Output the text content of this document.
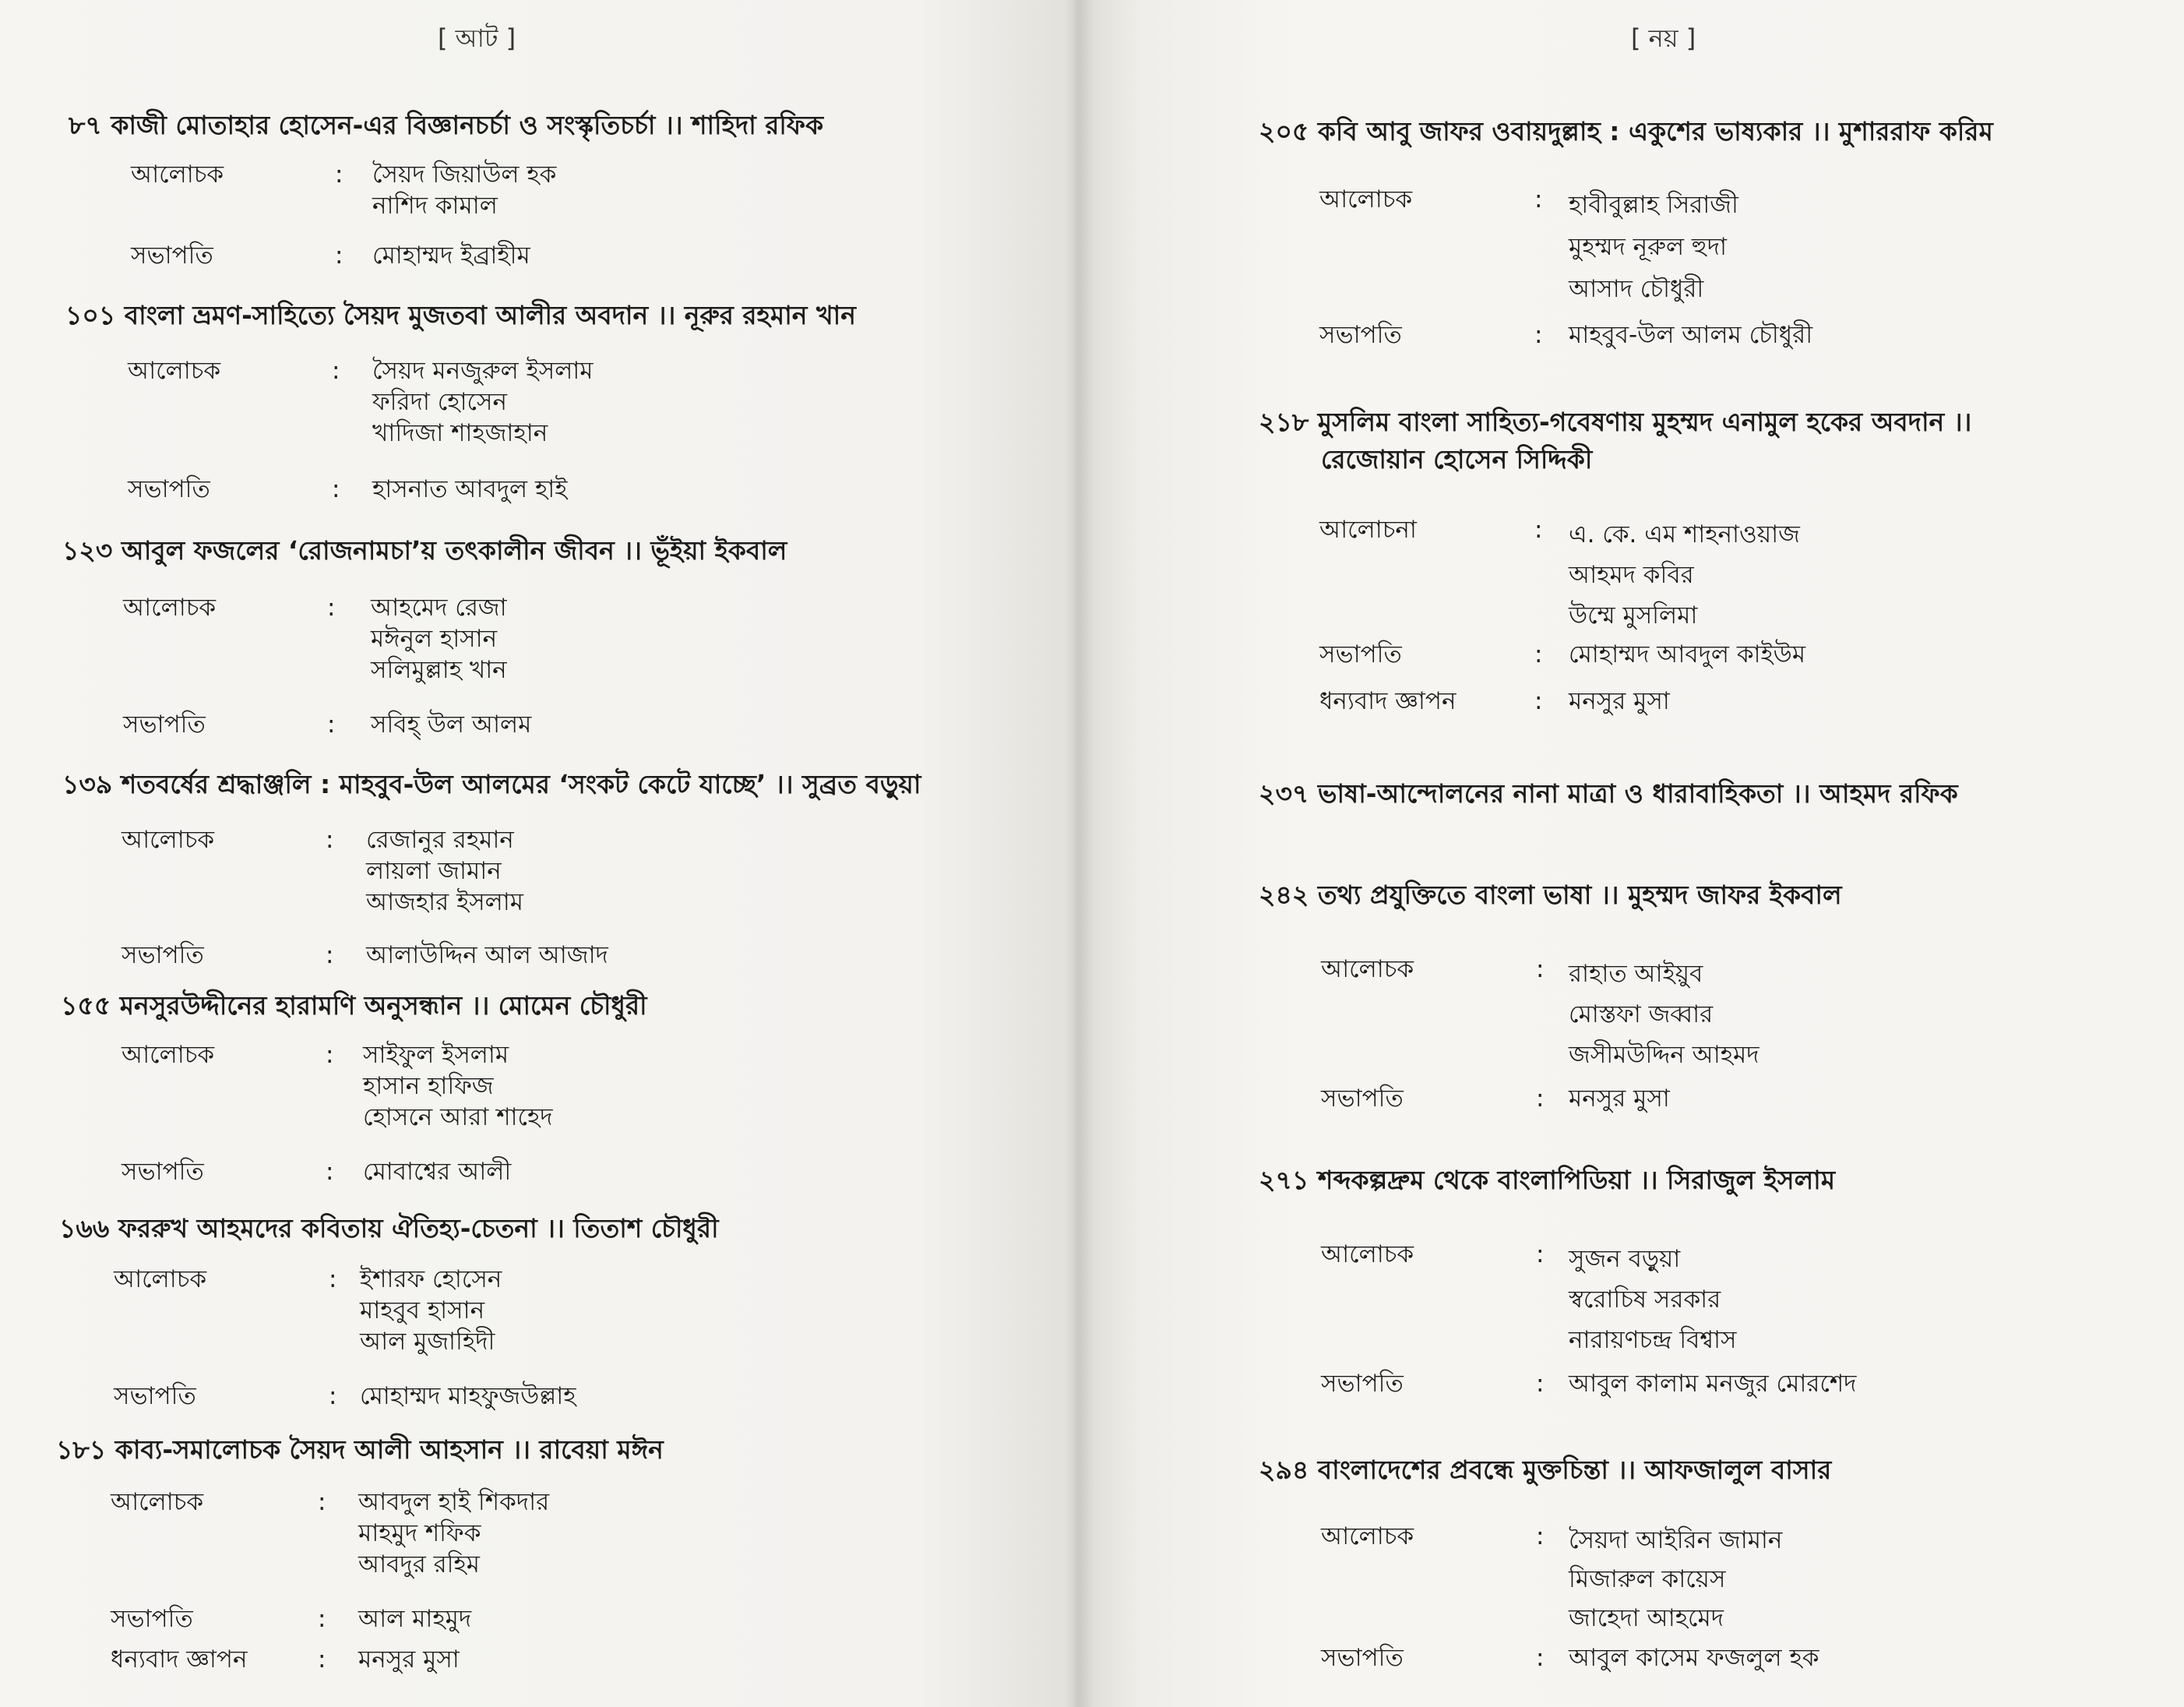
[ আট ]
৮৭ কাজী মোতাহার হোসেন-এর বিজ্ঞানচর্চা ও সংস্কৃতিচর্চা ।। শাহিদা রফিক
আলোচক	: সৈয়দ জিয়াউল হক
নাশিদ কামাল
সভাপতি	: মোহাম্মদ ইব্রাহীম
১০১ বাংলা ভ্রমণ-সাহিত্যে সৈয়দ মুজতবা আলীর অবদান ।। নূরুর রহমান খান
আলোচক	: সৈয়দ মনজুরুল ইসলাম
ফরিদা হোসেন
খাদিজা শাহজাহান
সভাপতি	: হাসনাত আবদুল হাই
১২৩ আবুল ফজলের ‘রোজনামচা’য় তৎকালীন জীবন ।। ভূঁইয়া ইকবাল
আলোচক	: আহমেদ রেজা
মঈনুল হাসান
সলিমুল্লাহ খান
সভাপতি	: সবিহ্ উল আলম
১৩৯ শতবর্ষের শ্রদ্ধাঞ্জলি : মাহবুব-উল আলমের ‘সংকট কেটে যাচ্ছে’ ।। সুব্রত বড়ুয়া
আলোচক	: রেজানুর রহমান
লায়লা জামান
আজহার ইসলাম
সভাপতি	: আলাউদ্দিন আল আজাদ
১৫৫ মনসুরউদ্দীনের হারামণি অনুসন্ধান ।। মোমেন চৌধুরী
আলোচক	: সাইফুল ইসলাম
হাসান হাফিজ
হোসনে আরা শাহেদ
সভাপতি	: মোবাশ্বের আলী
১৬৬ ফররুখ আহমদের কবিতায় ঐতিহ্য-চেতনা ।। তিতাশ চৌধুরী
আলোচক	: ইশারফ হোসেন
মাহবুব হাসান
আল মুজাহিদী
সভাপতি	: মোহাম্মদ মাহফুজউল্লাহ
১৮১ কাব্য-সমালোচক সৈয়দ আলী আহসান ।। রাবেয়া মঈন
আলোচক	: আবদুল হাই শিকদার
মাহমুদ শফিক
আবদুর রহিম
সভাপতি	: আল মাহমুদ
ধন্যবাদ জ্ঞাপন	: মনসুর মুসা
[ নয় ]
২০৫ কবি আবু জাফর ওবায়দুল্লাহ : একুশের ভাষ্যকার ।। মুশাররাফ করিম
আলোচক	: হাবীবুল্লাহ সিরাজী
মুহম্মদ নূরুল হুদা
আসাদ চৌধুরী
সভাপতি	: মাহবুব-উল আলম চৌধুরী
২১৮ মুসলিম বাংলা সাহিত্য-গবেষণায় মুহম্মদ এনামুল হকের অবদান ।।
রেজোয়ান হোসেন সিদ্দিকী
আলোচনা	: এ. কে. এম শাহনাওয়াজ
আহমদ কবির
উম্মে মুসলিমা
সভাপতি	: মোহাম্মদ আবদুল কাইউম
ধন্যবাদ জ্ঞাপন	: মনসুর মুসা
২৩৭ ভাষা-আন্দোলনের নানা মাত্রা ও ধারাবাহিকতা ।। আহমদ রফিক
২৪২ তথ্য প্রযুক্তিতে বাংলা ভাষা ।। মুহম্মদ জাফর ইকবাল
আলোচক	: রাহাত আইয়ুব
মোস্তফা জব্বার
জসীমউদ্দিন আহমদ
সভাপতি	: মনসুর মুসা
২৭১ শব্দকল্পদ্রুম থেকে বাংলাপিডিয়া ।। সিরাজুল ইসলাম
আলোচক	: সুজন বড়ুয়া
স্বরোচিষ সরকার
নারায়ণচন্দ্র বিশ্বাস
সভাপতি	: আবুল কালাম মনজুর মোরশেদ
২৯৪ বাংলাদেশের প্রবন্ধে মুক্তচিন্তা ।। আফজালুল বাসার
আলোচক	: সৈয়দা আইরিন জামান
মিজারুল কায়েস
জাহেদা আহমেদ
সভাপতি	: আবুল কাসেম ফজলুল হক
